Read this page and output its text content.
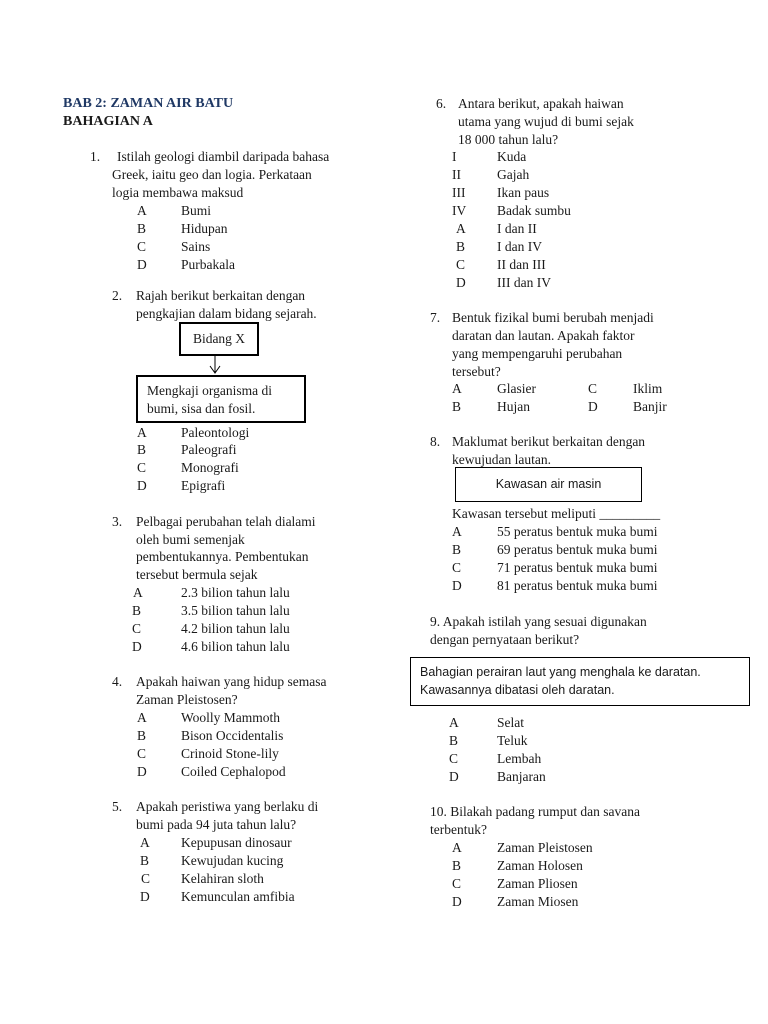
BAB 2: ZAMAN AIR BATU
BAHAGIAN A
1. Istilah geologi diambil daripada bahasa
Greek, iaitu geo dan logia. Perkataan
logia membawa maksud
A	Bumi
B	Hidupan
C	Sains
D	Purbakala
2. Rajah berikut berkaitan dengan
pengkajian dalam bidang sejarah.
Bidang X
Mengkaji organisma di
bumi, sisa dan fosil.
A	Paleontologi
B	Paleografi
C	Monografi
D	Epigrafi
3. Pelbagai perubahan telah dialami
oleh bumi semenjak
pembentukannya. Pembentukan
tersebut bermula sejak
A	2.3 bilion tahun lalu
B	3.5 bilion tahun lalu
C	4.2 bilion tahun lalu
D	4.6 bilion tahun lalu
4. Apakah haiwan yang hidup semasa
Zaman Pleistosen?
A	Woolly Mammoth
B	Bison Occidentalis
C	Crinoid Stone-lily
D	Coiled Cephalopod
5. Apakah peristiwa yang berlaku di
bumi pada 94 juta tahun lalu?
A Kepupusan dinosaur
B Kewujudan kucing
C Kelahiran sloth
D Kemunculan amfibia
6. Antara berikut, apakah haiwan
utama yang wujud di bumi sejak
18 000 tahun lalu?
I	Kuda
II	Gajah
III Ikan paus
IV Badak sumbu
A I dan II
B I dan IV
C II dan III
D III dan IV
7. Bentuk fizikal bumi berubah menjadi
daratan dan lautan. Apakah faktor
yang mempengaruhi perubahan
tersebut?
A	Glasier	C	Iklim
B	Hujan	D	Banjir
8. Maklumat berikut berkaitan dengan
kewujudan lautan.
Kawasan air masin
Kawasan tersebut meliputi _________
A	55 peratus bentuk muka bumi
B	69 peratus bentuk muka bumi
C	71 peratus bentuk muka bumi
D	81 peratus bentuk muka bumi
9. Apakah istilah yang sesuai digunakan
dengan pernyataan berikut?
Bahagian perairan laut yang menghala ke daratan.
Kawasannya dibatasi oleh daratan.
A	Selat
B	Teluk
C	Lembah
D	Banjaran
10. Bilakah padang rumput dan savana
terbentuk?
A	Zaman Pleistosen
B	Zaman Holosen
C	Zaman Pliosen
D	Zaman Miosen
